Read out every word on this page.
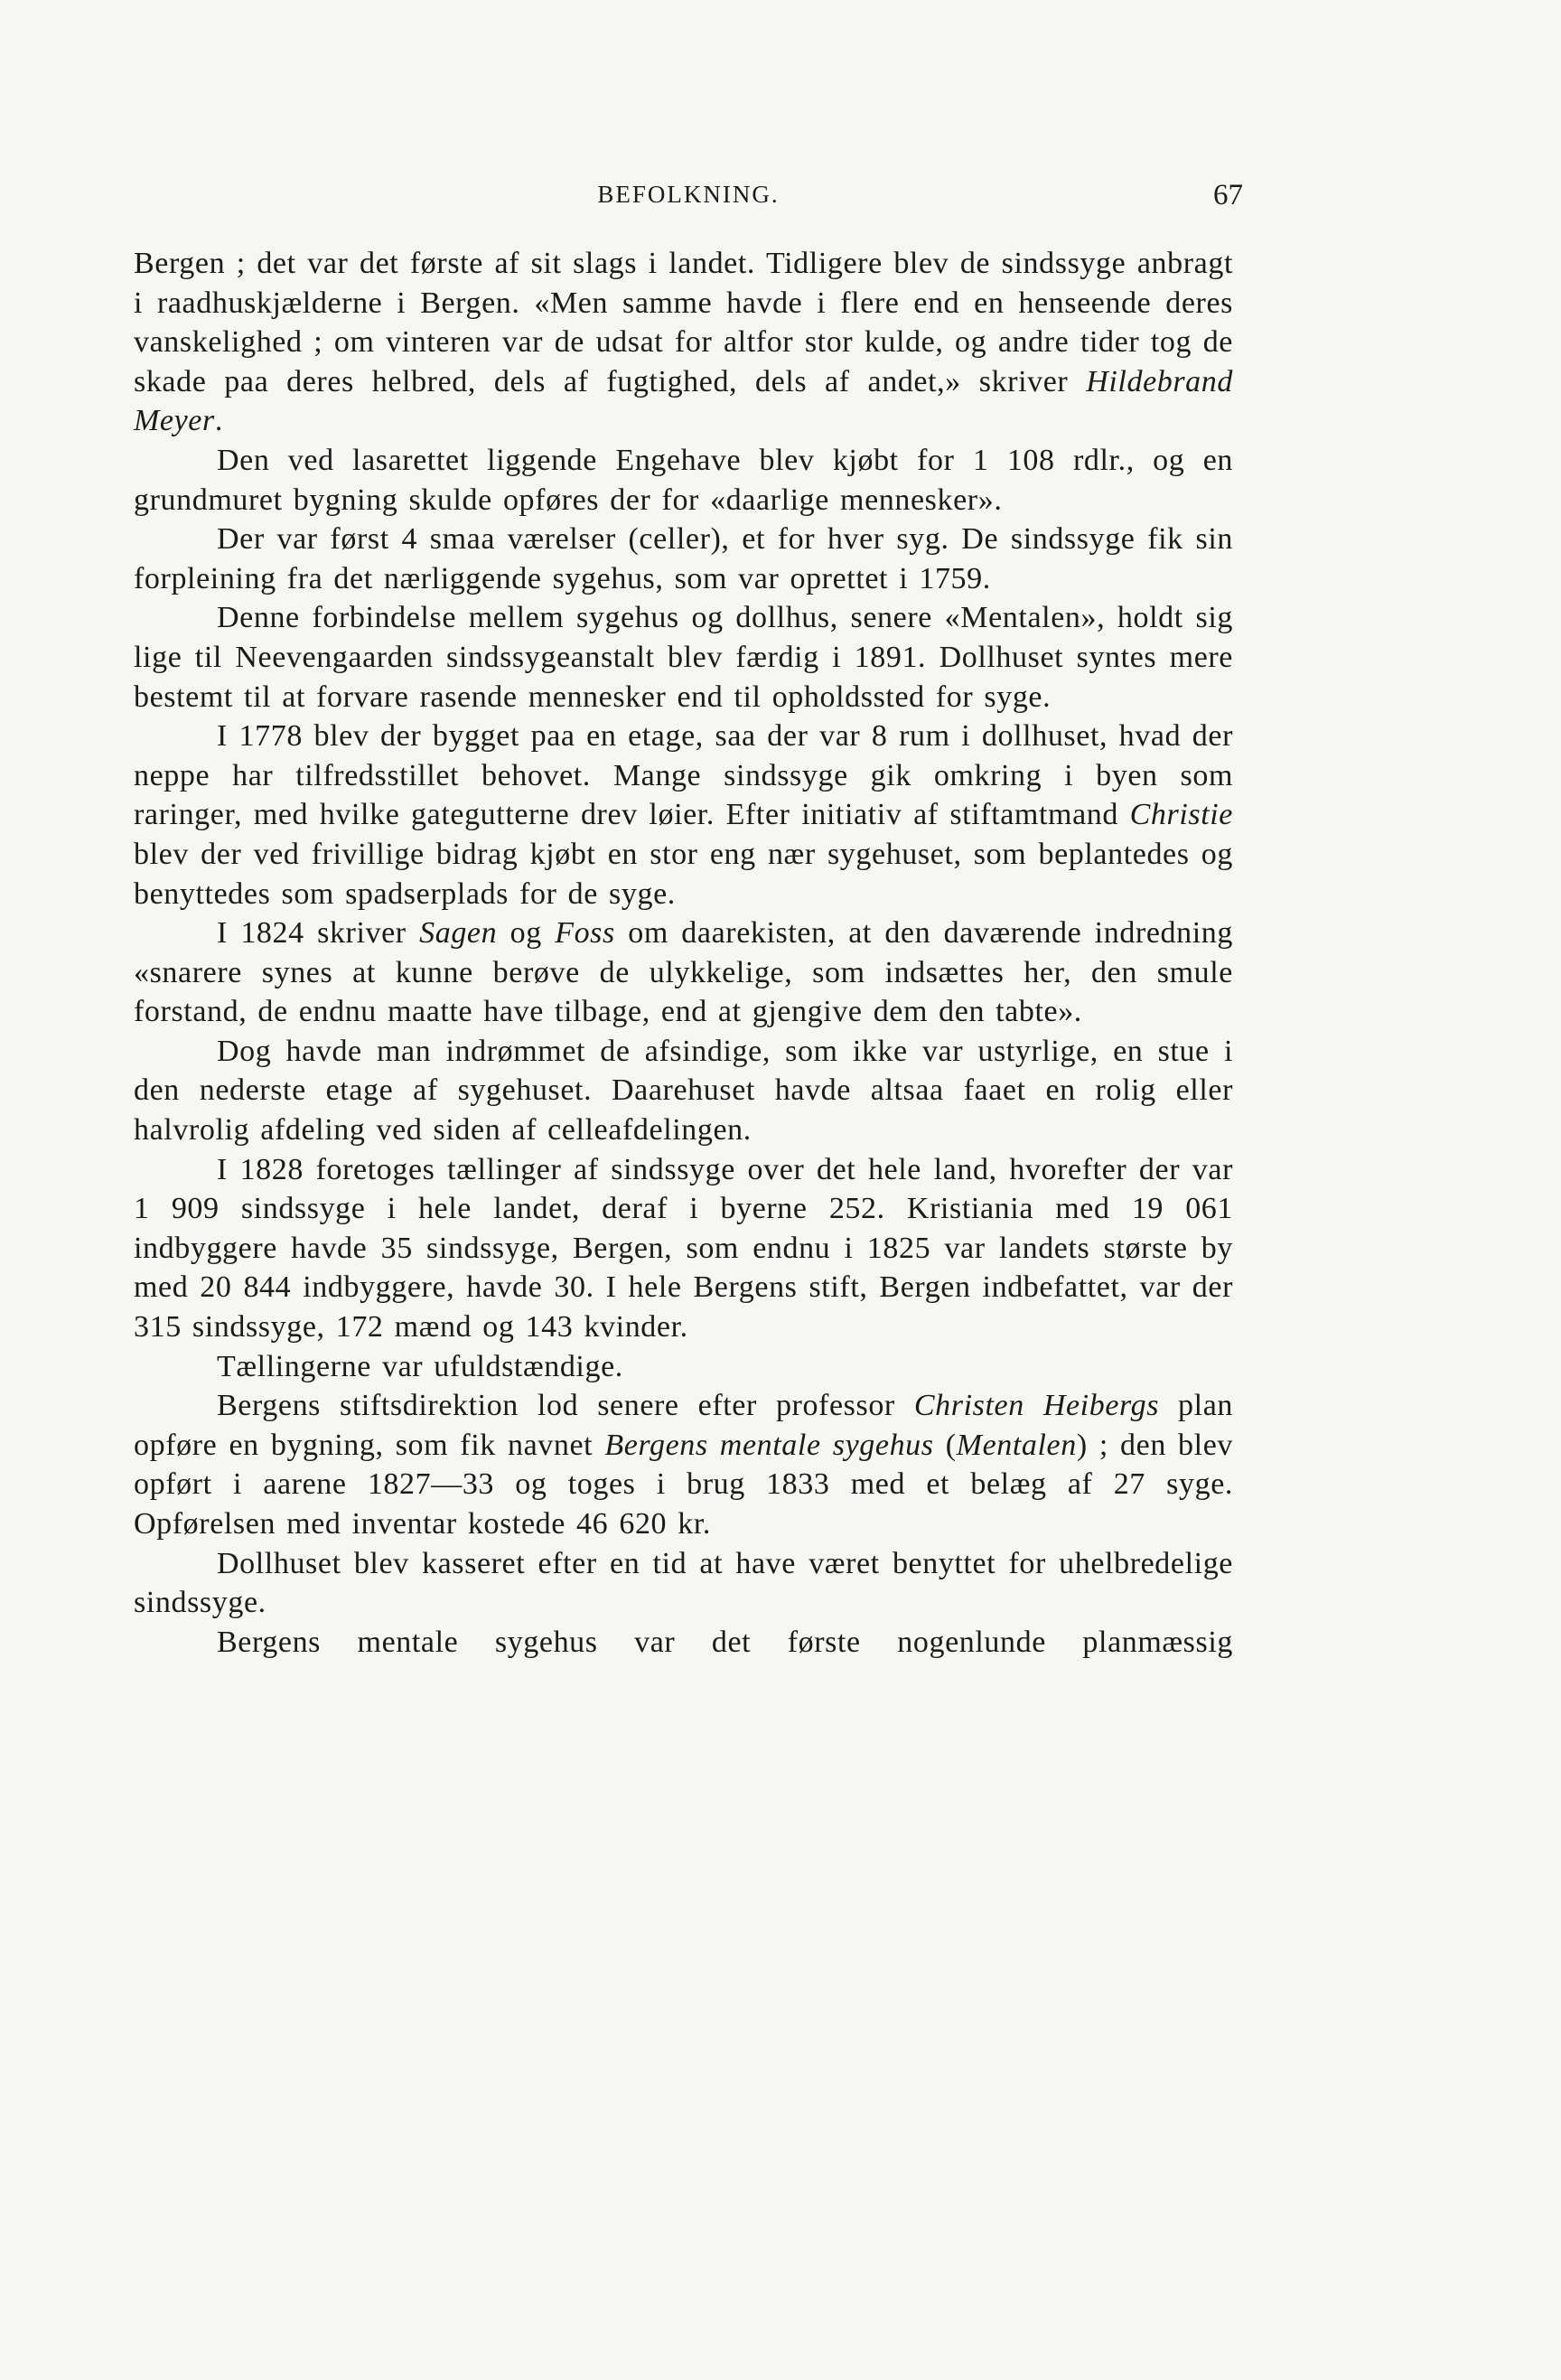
BEFOLKNING.	67

Bergen ; det var det første af sit slags i landet. Tidligere blev de sindssyge anbragt i raadhuskjælderne i Bergen. «Men samme havde i flere end en henseende deres vanskelighed ; om vinteren var de udsat for altfor stor kulde, og andre tider tog de skade paa deres helbred, dels af fugtighed, dels af andet,» skriver Hildebrand Meyer.

Den ved lasarettet liggende Engehave blev kjøbt for 1 108 rdlr., og en grundmuret bygning skulde opføres der for «daarlige mennesker».

Der var først 4 smaa værelser (celler), et for hver syg. De sindssyge fik sin forpleining fra det nærliggende sygehus, som var oprettet i 1759.

Denne forbindelse mellem sygehus og dollhus, senere «Mentalen», holdt sig lige til Neevengaarden sindssygeanstalt blev færdig i 1891. Dollhuset syntes mere bestemt til at forvare rasende mennesker end til opholdssted for syge.

I 1778 blev der bygget paa en etage, saa der var 8 rum i dollhuset, hvad der neppe har tilfredsstillet behovet. Mange sindssyge gik omkring i byen som raringer, med hvilke gategutterne drev løier. Efter initiativ af stiftamtmand Christie blev der ved frivillige bidrag kjøbt en stor eng nær sygehuset, som beplantedes og benyttedes som spadserplads for de syge.

I 1824 skriver Sagen og Foss om daarekisten, at den daværende indredning «snarere synes at kunne berøve de ulykkelige, som indsættes her, den smule forstand, de endnu maatte have tilbage, end at gjengive dem den tabte».

Dog havde man indrømmet de afsindige, som ikke var ustyrlige, en stue i den nederste etage af sygehuset. Daarehuset havde altsaa faaet en rolig eller halvrolig afdeling ved siden af celleafdelingen.

I 1828 foretoges tællinger af sindssyge over det hele land, hvorefter der var 1 909 sindssyge i hele landet, deraf i byerne 252. Kristiania med 19 061 indbyggere havde 35 sindssyge, Bergen, som endnu i 1825 var landets største by med 20 844 indbyggere, havde 30. I hele Bergens stift, Bergen indbefattet, var der 315 sindssyge, 172 mænd og 143 kvinder.

Tællingerne var ufuldstændige.

Bergens stiftsdirektion lod senere efter professor Christen Heibergs plan opføre en bygning, som fik navnet Bergens mentale sygehus (Mentalen) ; den blev opført i aarene 1827—33 og toges i brug 1833 med et belæg af 27 syge. Opførelsen med inventar kostede 46 620 kr.

Dollhuset blev kasseret efter en tid at have været benyttet for uhelbredelige sindssyge.

Bergens mentale sygehus var det første nogenlunde planmæssig
